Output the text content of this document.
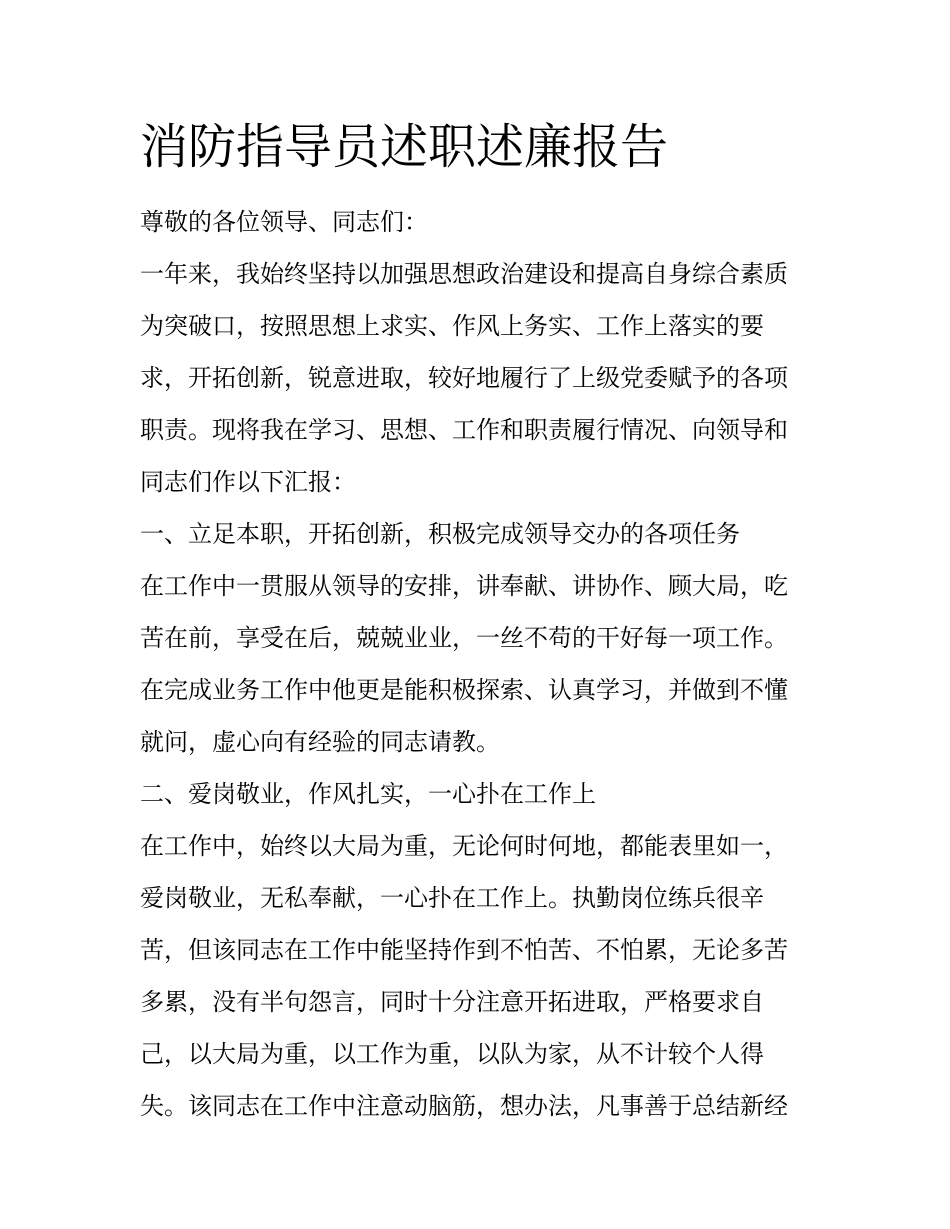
消防指导员述职述廉报告
尊敬的各位领导、同志们：
一年来，我始终坚持以加强思想政治建设和提高自身综合素质
为突破口，按照思想上求实、作风上务实、工作上落实的要
求，开拓创新，锐意进取，较好地履行了上级党委赋予的各项
职责。现将我在学习、思想、工作和职责履行情况、向领导和
同志们作以下汇报：
一、立足本职，开拓创新，积极完成领导交办的各项任务
在工作中一贯服从领导的安排，讲奉献、讲协作、顾大局，吃
苦在前，享受在后，兢兢业业，一丝不苟的干好每一项工作。
在完成业务工作中他更是能积极探索、认真学习，并做到不懂
就问，虚心向有经验的同志请教。
二、爱岗敬业，作风扎实，一心扑在工作上
在工作中，始终以大局为重，无论何时何地，都能表里如一，
爱岗敬业，无私奉献，一心扑在工作上。执勤岗位练兵很辛
苦，但该同志在工作中能坚持作到不怕苦、不怕累，无论多苦
多累，没有半句怨言，同时十分注意开拓进取，严格要求自
己，以大局为重，以工作为重，以队为家，从不计较个人得
失。该同志在工作中注意动脑筋，想办法，凡事善于总结新经
